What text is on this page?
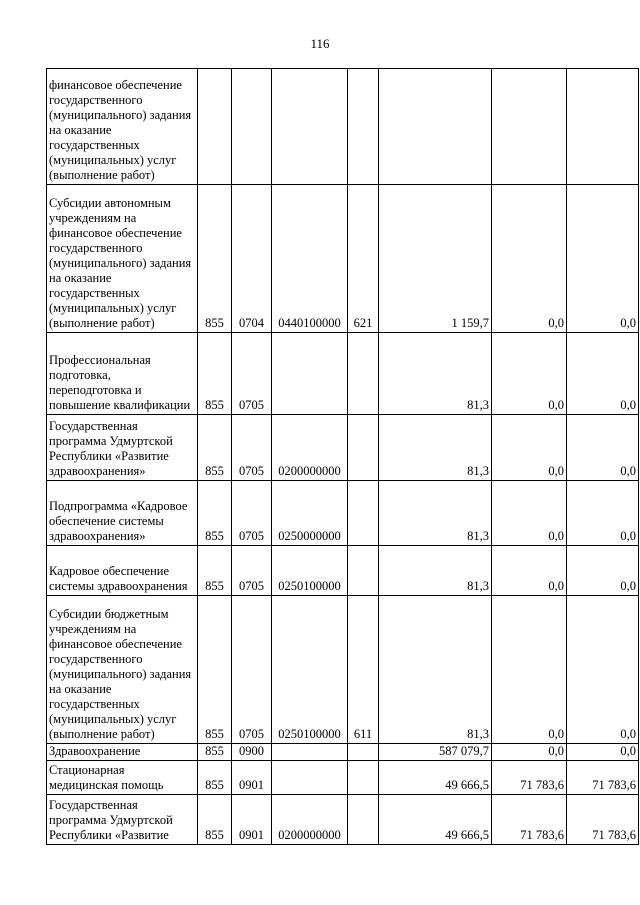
116
финансовое обеспечение государственного (муниципального) задания на оказание государственных (муниципальных) услуг (выполнение работ)							
Субсидии автономным учреждениям на финансовое обеспечение государственного (муниципального) задания на оказание государственных (муниципальных) услуг (выполнение работ)	855	0704	0440100000	621	1 159,7	0,0	0,0
Профессиональная подготовка, переподготовка и повышение квалификации	855	0705			81,3	0,0	0,0
Государственная программа Удмуртской Республики «Развитие здравоохранения»	855	0705	0200000000		81,3	0,0	0,0
Подпрограмма «Кадровое обеспечение системы здравоохранения»	855	0705	0250000000		81,3	0,0	0,0
Кадровое обеспечение системы здравоохранения	855	0705	0250100000		81,3	0,0	0,0
Субсидии бюджетным учреждениям на финансовое обеспечение государственного (муниципального) задания на оказание государственных (муниципальных) услуг (выполнение работ)	855	0705	0250100000	611	81,3	0,0	0,0
Здравоохранение	855	0900			587 079,7	0,0	0,0
Стационарная медицинская помощь	855	0901			49 666,5	71 783,6	71 783,6
Государственная программа Удмуртской Республики «Развитие	855	0901	0200000000		49 666,5	71 783,6	71 783,6
